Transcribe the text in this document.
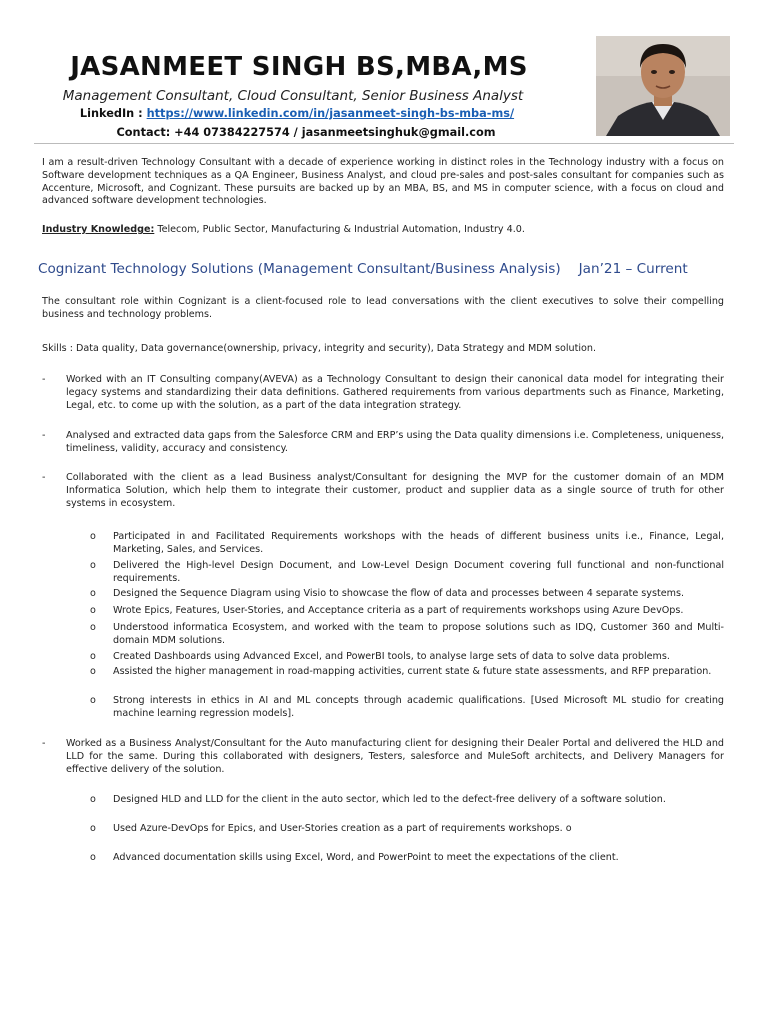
JASANMEET SINGH BS,MBA,MS
Management Consultant, Cloud Consultant, Senior Business Analyst
LinkedIn : https://www.linkedin.com/in/jasanmeet-singh-bs-mba-ms/
Contact: +44 07384227574 / jasanmeetsinghuk@gmail.com
I am a result-driven Technology Consultant with a decade of experience working in distinct roles in the Technology industry with a focus on Software development techniques as a QA Engineer, Business Analyst, and cloud pre-sales and post-sales consultant for companies such as Accenture, Microsoft, and Cognizant. These pursuits are backed up by an MBA, BS, and MS in computer science, with a focus on cloud and advanced software development technologies.
Industry Knowledge: Telecom, Public Sector, Manufacturing & Industrial Automation, Industry 4.0.
Cognizant Technology Solutions (Management Consultant/Business Analysis) Jan’21 – Current
The consultant role within Cognizant is a client-focused role to lead conversations with the client executives to solve their compelling business and technology problems.
Skills : Data quality, Data governance(ownership, privacy, integrity and security), Data Strategy and MDM solution.
- Worked with an IT Consulting company(AVEVA) as a Technology Consultant to design their canonical data model for integrating their legacy systems and standardizing their data definitions. Gathered requirements from various departments such as Finance, Marketing, Legal, etc. to come up with the solution, as a part of the data integration strategy.
- Analysed and extracted data gaps from the Salesforce CRM and ERP’s using the Data quality dimensions i.e. Completeness, uniqueness, timeliness, validity, accuracy and consistency.
- Collaborated with the client as a lead Business analyst/Consultant for designing the MVP for the customer domain of an MDM Informatica Solution, which help them to integrate their customer, product and supplier data as a single source of truth for other systems in ecosystem.
o Participated in and Facilitated Requirements workshops with the heads of different business units i.e., Finance, Legal, Marketing, Sales, and Services.
o Delivered the High-level Design Document, and Low-Level Design Document covering full functional and non-functional requirements.
o Designed the Sequence Diagram using Visio to showcase the flow of data and processes between 4 separate systems.
o Wrote Epics, Features, User-Stories, and Acceptance criteria as a part of requirements workshops using Azure DevOps.
o Understood informatica Ecosystem, and worked with the team to propose solutions such as IDQ, Customer 360 and Multi-domain MDM solutions.
o Created Dashboards using Advanced Excel, and PowerBI tools, to analyse large sets of data to solve data problems.
o Assisted the higher management in road-mapping activities, current state & future state assessments, and RFP preparation.
o Strong interests in ethics in AI and ML concepts through academic qualifications. [Used Microsoft ML studio for creating machine learning regression models].
- Worked as a Business Analyst/Consultant for the Auto manufacturing client for designing their Dealer Portal and delivered the HLD and LLD for the same. During this collaborated with designers, Testers, salesforce and MuleSoft architects, and Delivery Managers for effective delivery of the solution.
o Designed HLD and LLD for the client in the auto sector, which led to the defect-free delivery of a software solution.
o Used Azure-DevOps for Epics, and User-Stories creation as a part of requirements workshops. o
o Advanced documentation skills using Excel, Word, and PowerPoint to meet the expectations of the client.
